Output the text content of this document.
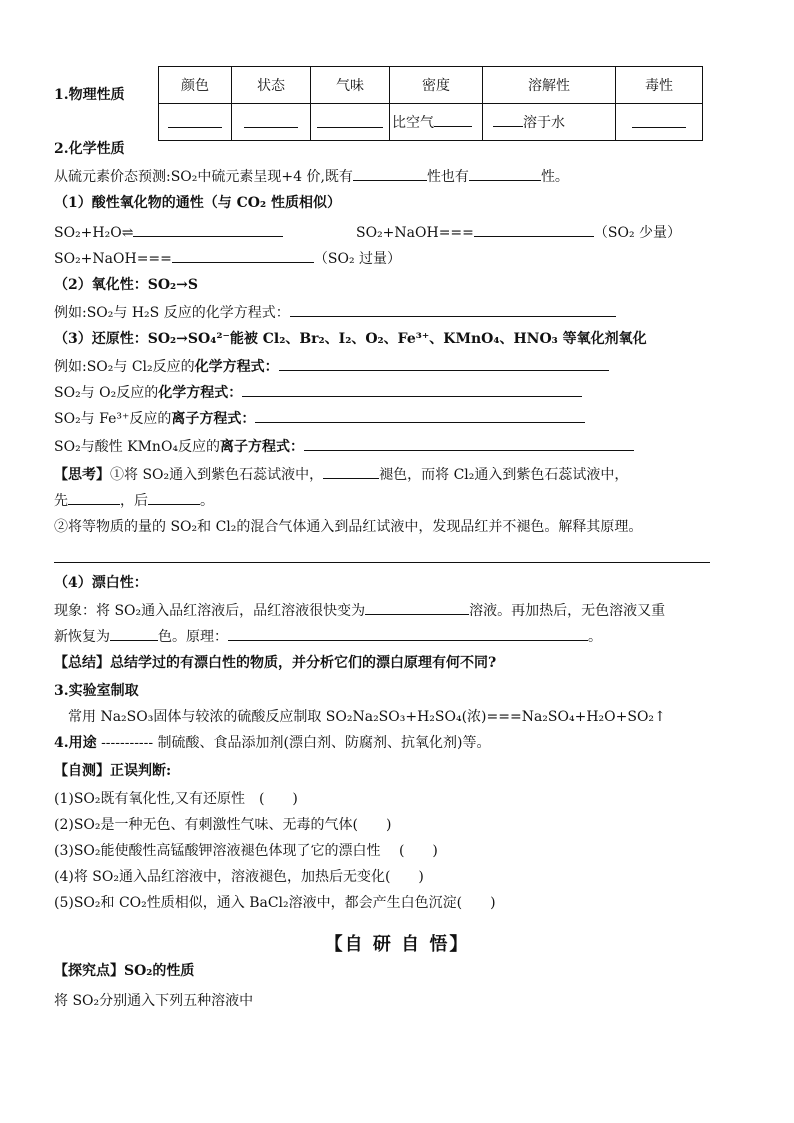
1.物理性质
颜色	状态	气味	密度	溶解性	毒性
			比空气	溶于水	
2.化学性质
从硫元素价态预测:SO₂中硫元素呈现+4 价,既有	性也有	性。
（1）酸性氧化物的通性（与 CO₂ 性质相似）
SO₂+H₂O⇌	SO₂+NaOH===	（SO₂ 少量）
SO₂+NaOH===	（SO₂ 过量）
（2）氧化性：SO₂→S
例如:SO₂与 H₂S 反应的化学方程式：
（3）还原性：SO₂→SO₄²⁻能被 Cl₂、Br₂、I₂、O₂、Fe³⁺、KMnO₄、HNO₃ 等氧化剂氧化
例如:SO₂与 Cl₂反应的化学方程式：
SO₂与 O₂反应的化学方程式：
SO₂与 Fe³⁺反应的离子方程式：
SO₂与酸性 KMnO₄反应的离子方程式：
【思考】①将 SO₂通入到紫色石蕊试液中，	褪色，而将 Cl₂通入到紫色石蕊试液中，
先	，后	。
②将等物质的量的 SO₂和 Cl₂的混合气体通入到品红试液中，发现品红并不褪色。解释其原理。
（4）漂白性：
现象：将 SO₂通入品红溶液后，品红溶液很快变为	溶液。再加热后，无色溶液又重
新恢复为	色。原理：	。
【总结】总结学过的有漂白性的物质，并分析它们的漂白原理有何不同?
3.实验室制取
常用 Na₂SO₃固体与较浓的硫酸反应制取 SO₂Na₂SO₃+H₂SO₄(浓)===Na₂SO₄+H₂O+SO₂↑
4.用途 ----------- 制硫酸、食品添加剂(漂白剂、防腐剂、抗氧化剂)等。
【自测】正误判断:
(1)SO₂既有氧化性,又有还原性　(　　)
(2)SO₂是一种无色、有刺激性气味、无毒的气体(　　)
(3)SO₂能使酸性高锰酸钾溶液褪色体现了它的漂白性　 (　　)
(4)将 SO₂通入品红溶液中，溶液褪色，加热后无变化(　　)
(5)SO₂和 CO₂性质相似，通入 BaCl₂溶液中，都会产生白色沉淀(　　)
【自 研 自 悟】
【探究点】SO₂的性质
将 SO₂分别通入下列五种溶液中
